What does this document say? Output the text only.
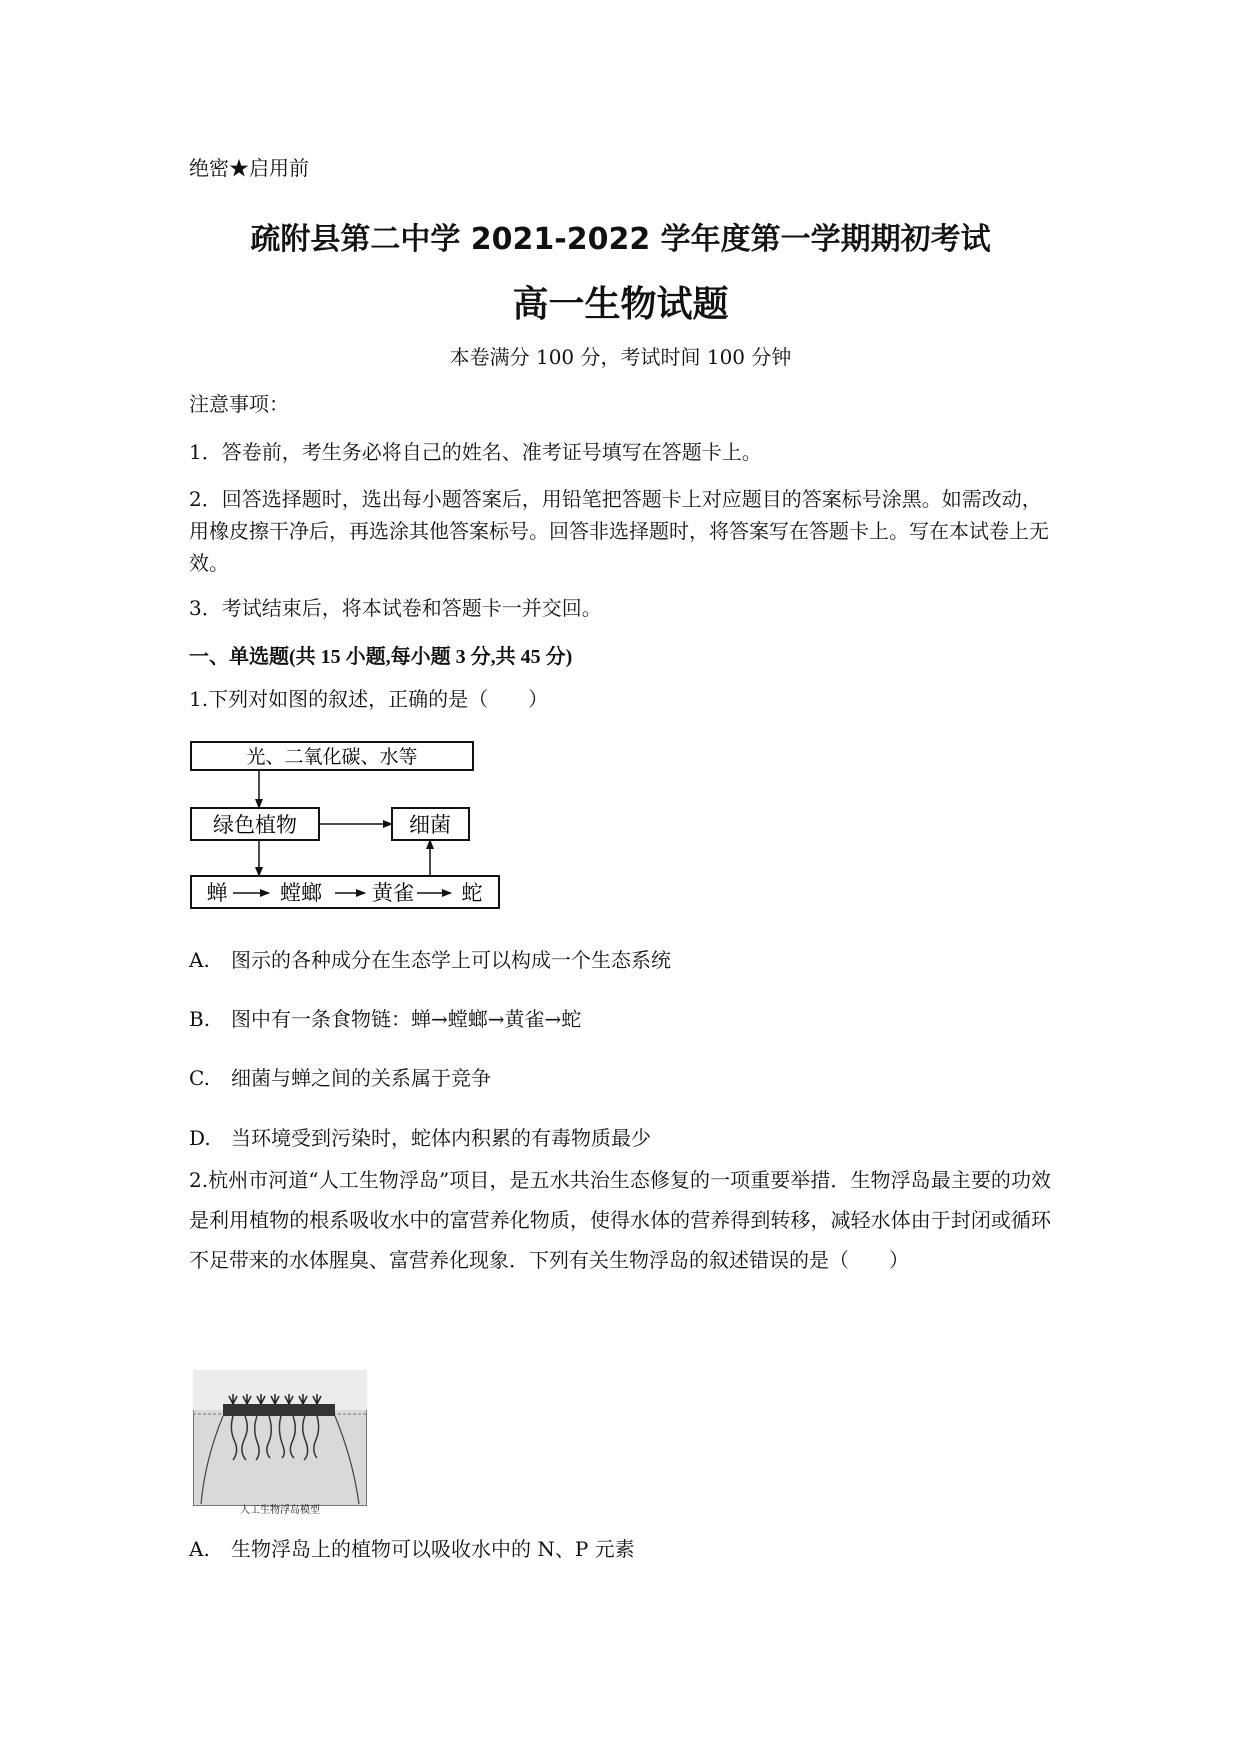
绝密★启用前
疏附县第二中学 2021-2022 学年度第一学期期初考试
高一生物试题
本卷满分 100 分，考试时间 100 分钟
注意事项：
1．答卷前，考生务必将自己的姓名、准考证号填写在答题卡上。
2．回答选择题时，选出每小题答案后，用铅笔把答题卡上对应题目的答案标号涂黑。如需改动，用橡皮擦干净后，再选涂其他答案标号。回答非选择题时，将答案写在答题卡上。写在本试卷上无效。
3．考试结束后，将本试卷和答题卡一并交回。
一、单选题(共 15 小题,每小题 3 分,共 45 分)
1.下列对如图的叙述，正确的是（　　）
光、二氧化碳、水等
绿色植物	细菌
蝉	螳螂 黄雀 蛇
A. 图示的各种成分在生态学上可以构成一个生态系统
B. 图中有一条食物链：蝉→螳螂→黄雀→蛇
C. 细菌与蝉之间的关系属于竞争
D. 当环境受到污染时，蛇体内积累的有毒物质最少
2.杭州市河道“人工生物浮岛”项目，是五水共治生态修复的一项重要举措．生物浮岛最主要的功效是利用植物的根系吸收水中的富营养化物质，使得水体的营养得到转移，减轻水体由于封闭或循环不足带来的水体腥臭、富营养化现象．下列有关生物浮岛的叙述错误的是（　　）
人工生物浮岛模型
A. 生物浮岛上的植物可以吸收水中的 N、P 元素
